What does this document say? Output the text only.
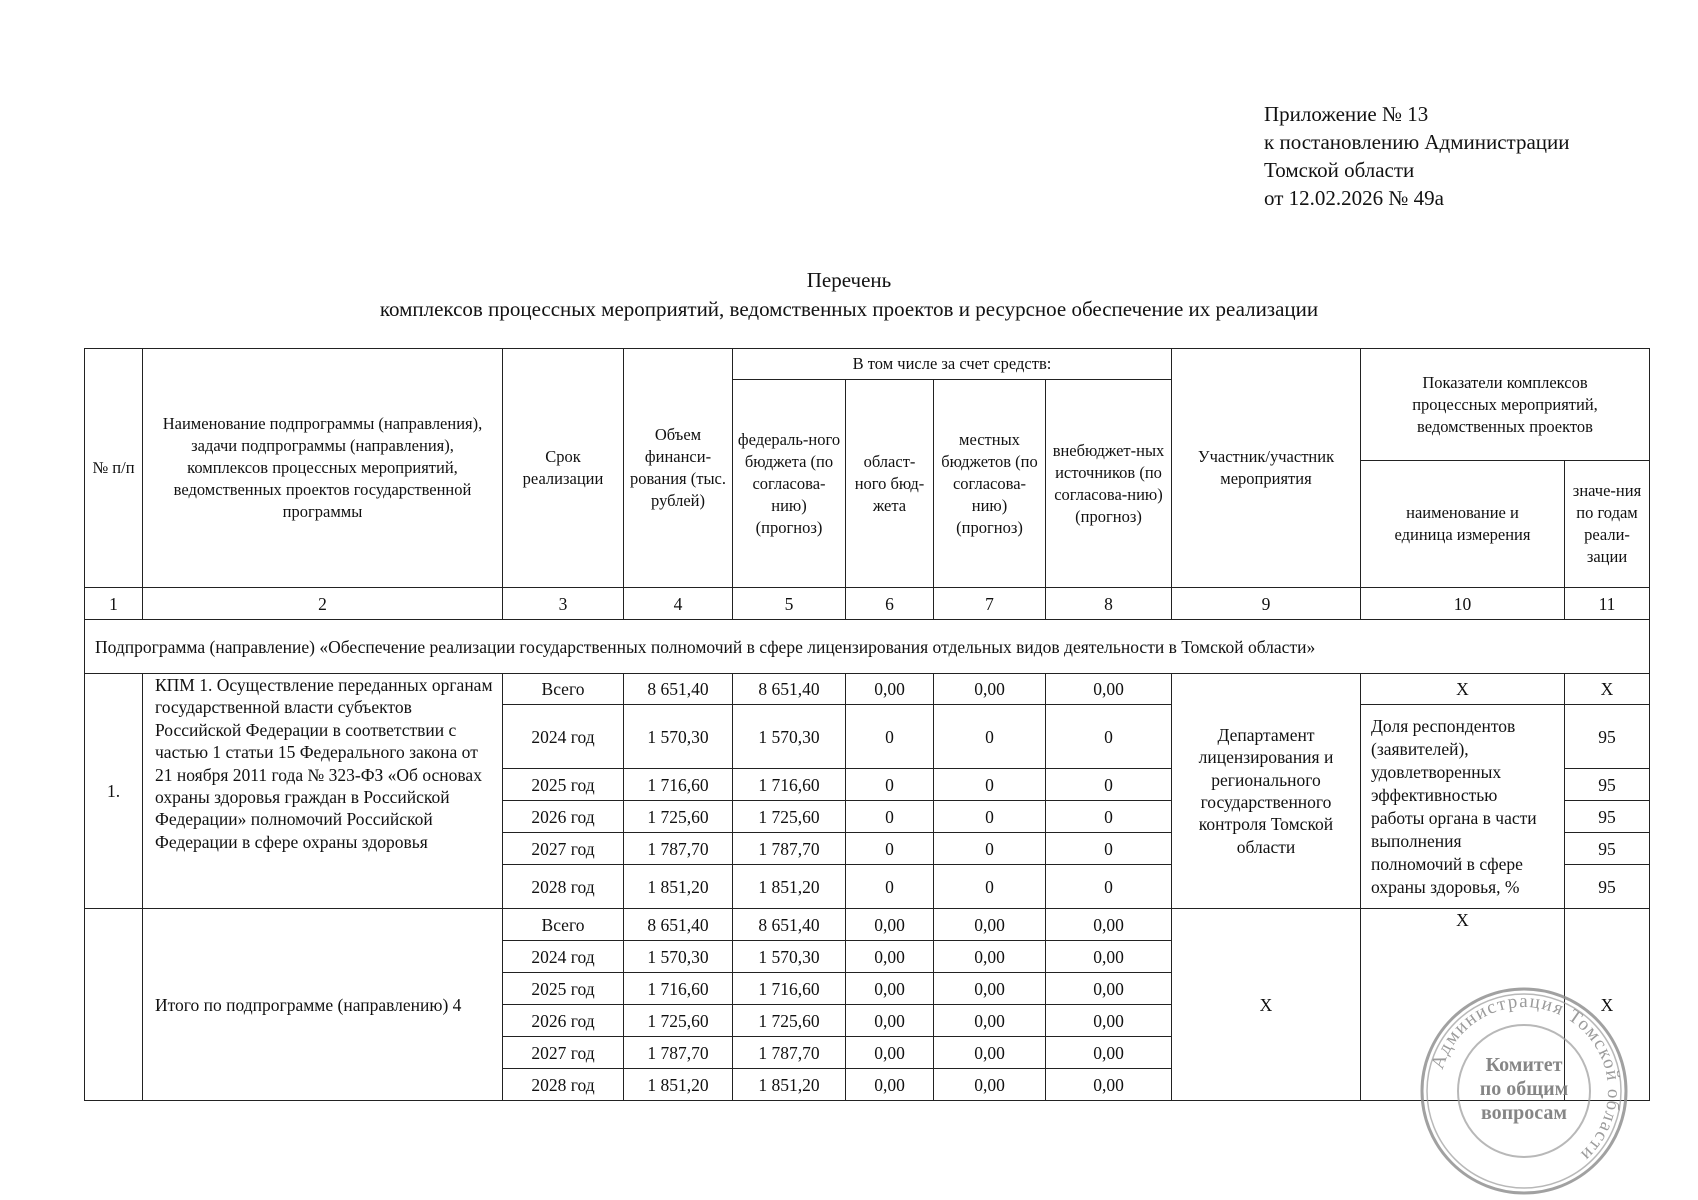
Приложение № 13
к постановлению Администрации
Томской области
от 12.02.2026 № 49а
Перечень
комплексов процессных мероприятий, ведомственных проектов и ресурсное обеспечение их реализации
№ п/п	Наименование подпрограммы (направления), задачи подпрограммы (направления), комплексов процессных мероприятий, ведомственных проектов государственной программы	Срок реализации	Объем финанси-рования (тыс. рублей)	В том числе за счет средств:				Участник/участник мероприятия	Показатели комплексов процессных мероприятий, ведомственных проектов	
				федераль-ного бюджета (по согласова-нию) (прогноз)	област-ного бюд-жета	местных бюджетов (по согласова-нию) (прогноз)	внебюджет-ных источников (по согласова-нию) (прогноз)			
									наименование и единица измерения	значе-ния по годам реали-зации
1	2	3	4	5	6	7	8	9	10	11
Подпрограмма (направление) «Обеспечение реализации государственных полномочий в сфере лицензирования отдельных видов деятельности в Томской области»										
1.	КПМ 1. Осуществление переданных органам государственной власти субъектов Российской Федерации в соответствии с частью 1 статьи 15 Федерального закона от 21 ноября 2011 года № 323-ФЗ «Об основах охраны здоровья граждан в Российской Федерации» полномочий Российской Федерации в сфере охраны здоровья	Всего	8 651,40	8 651,40	0,00	0,00	0,00	Департамент лицензирования и регионального государственного контроля Томской области	Х	Х
		2024 год	1 570,30	1 570,30	0	0	0		Доля респондентов (заявителей), удовлетворенных эффективностью работы органа в части выполнения полномочий в сфере охраны здоровья, %	95
		2025 год	1 716,60	1 716,60	0	0	0			95
		2026 год	1 725,60	1 725,60	0	0	0			95
		2027 год	1 787,70	1 787,70	0	0	0			95
		2028 год	1 851,20	1 851,20	0	0	0			95
	Итого по подпрограмме (направлению) 4	Всего	8 651,40	8 651,40	0,00	0,00	0,00	Х	Х	Х
		2024 год	1 570,30	1 570,30	0,00	0,00	0,00			
		2025 год	1 716,60	1 716,60	0,00	0,00	0,00			
		2026 год	1 725,60	1 725,60	0,00	0,00	0,00			
		2027 год	1 787,70	1 787,70	0,00	0,00	0,00			
		2028 год	1 851,20	1 851,20	0,00	0,00	0,00			
Администрация Томской области
Комитет
по общим
вопросам
